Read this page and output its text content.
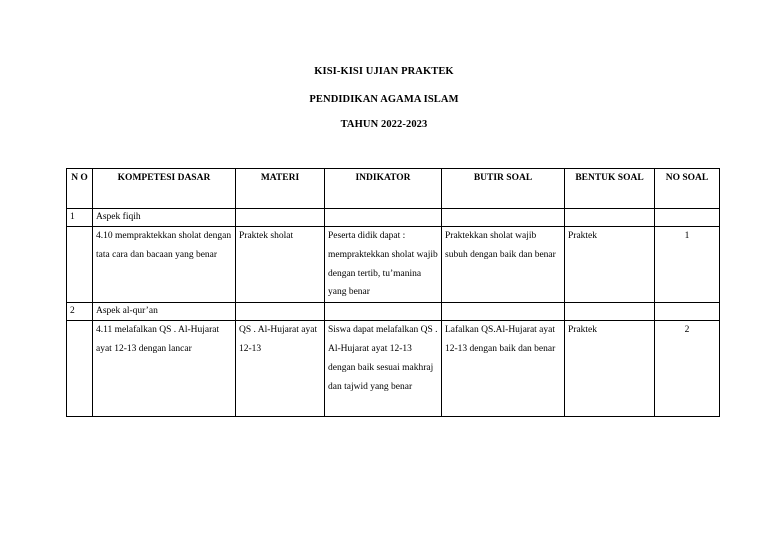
KISI-KISI UJIAN PRAKTEK
PENDIDIKAN AGAMA ISLAM
TAHUN 2022-2023
N O	KOMPETESI DASAR	MATERI	INDIKATOR	BUTIR SOAL	BENTUK SOAL	NO SOAL
1	Aspek fiqih					
	4.10 mempraktekkan sholat dengan tata cara dan bacaan yang benar	Praktek sholat	Peserta didik dapat : mempraktekkan sholat wajib dengan tertib, tu’manina yang benar	Praktekkan sholat wajib subuh dengan baik dan benar	Praktek	1
2	Aspek al-qur’an					
	4.11 melafalkan QS . Al-Hujarat ayat 12-13 dengan lancar	QS . Al-Hujarat ayat 12-13	Siswa dapat melafalkan QS . Al-Hujarat ayat 12-13 dengan baik sesuai makhraj dan tajwid yang benar	Lafalkan QS.Al-Hujarat ayat 12-13 dengan baik dan benar	Praktek	2
